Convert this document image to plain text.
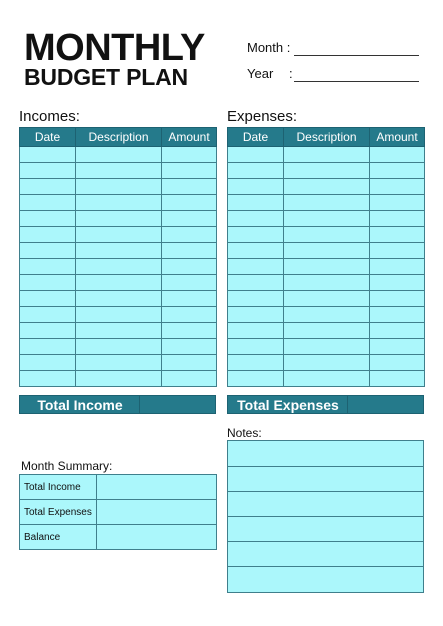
MONTHLY
BUDGET PLAN
Month :
Year :
Incomes:
Date	Description	Amount

Total Income
Expenses:
Date	Description	Amount

Total Expenses
Notes:
Month Summary:
Total Income	
Total Expenses	
Balance	
